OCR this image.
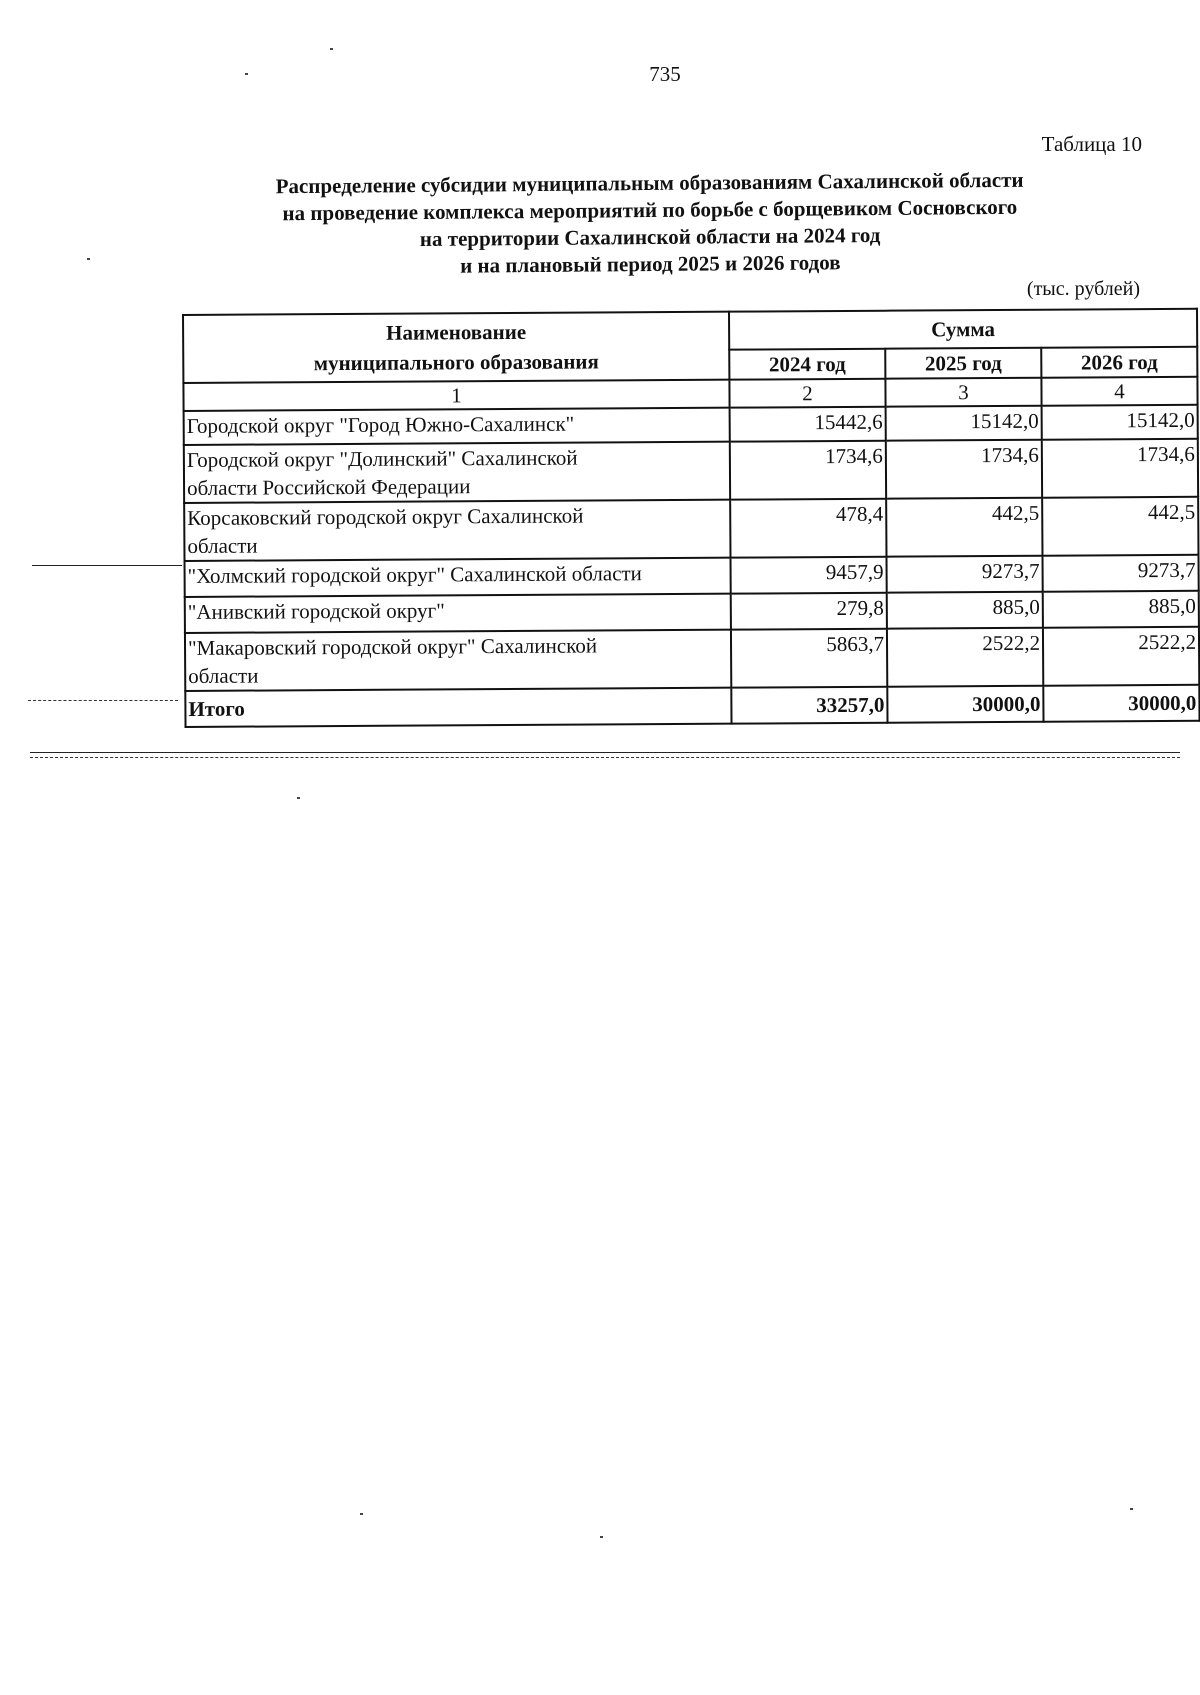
735
Таблица 10
Распределение субсидии муниципальным образованиям Сахалинской области
на проведение комплекса мероприятий по борьбе с борщевиком Сосновского
на территории Сахалинской области на 2024 год
и на плановый период 2025 и 2026 годов
(тыс. рублей)
Наименование
муниципального образования	Сумма		
	2024 год	2025 год	2026 год
1	2	3	4

Городской округ "Город Южно-Сахалинск"	15442,6	15142,0	15142,0

Городской округ "Долинский" Сахалинской
области Российской Федерации	1734,6	1734,6	1734,6

Корсаковский городской округ Сахалинской
области	478,4	442,5	442,5

"Холмский городской округ" Сахалинской области	9457,9	9273,7	9273,7

"Анивский городской округ"	279,8	885,0	885,0

"Макаровский городской округ" Сахалинской
области	5863,7	2522,2	2522,2
Итого	33257,0	30000,0	30000,0
